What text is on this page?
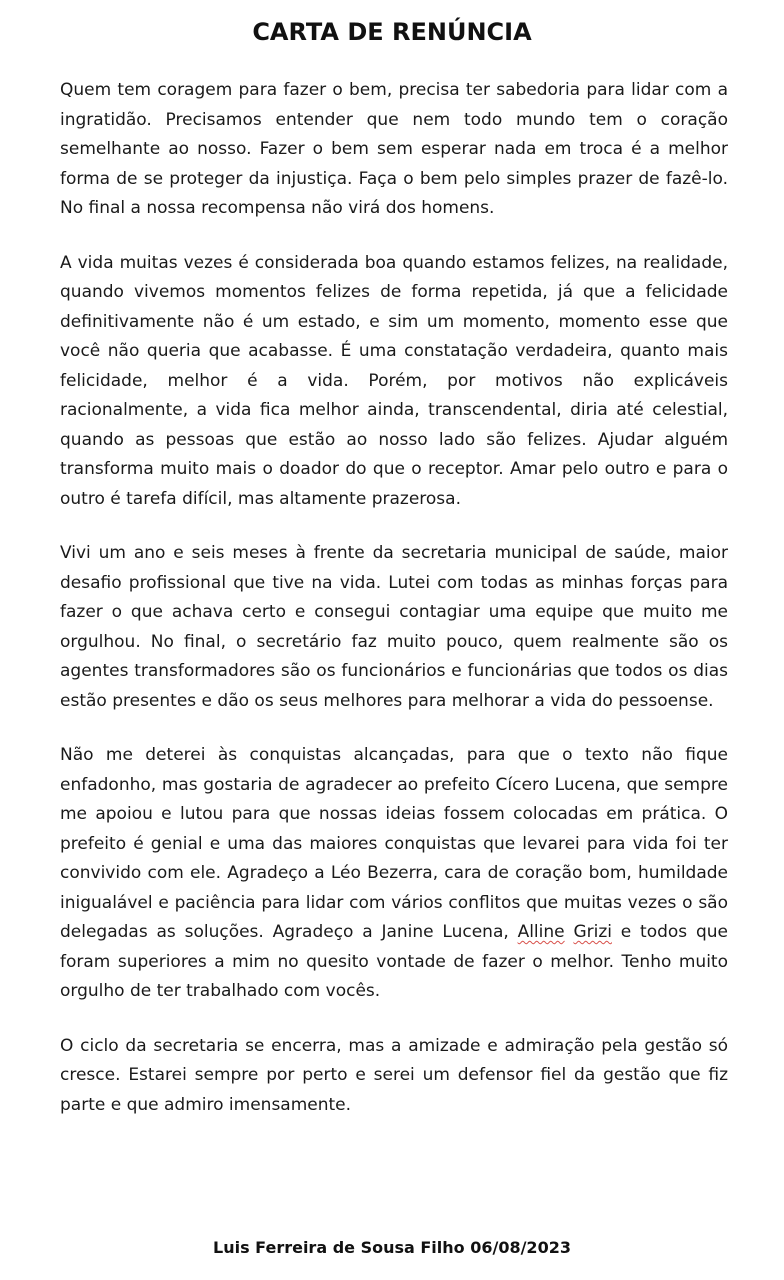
CARTA DE RENÚNCIA

Quem tem coragem para fazer o bem, precisa ter sabedoria para lidar com a ingratidão. Precisamos entender que nem todo mundo tem o coração semelhante ao nosso. Fazer o bem sem esperar nada em troca é a melhor forma de se proteger da injustiça. Faça o bem pelo simples prazer de fazê-lo. No final a nossa recompensa não virá dos homens.

A vida muitas vezes é considerada boa quando estamos felizes, na realidade, quando vivemos momentos felizes de forma repetida, já que a felicidade definitivamente não é um estado, e sim um momento, momento esse que você não queria que acabasse. É uma constatação verdadeira, quanto mais felicidade, melhor é a vida. Porém, por motivos não explicáveis racionalmente, a vida fica melhor ainda, transcendental, diria até celestial, quando as pessoas que estão ao nosso lado são felizes. Ajudar alguém transforma muito mais o doador do que o receptor. Amar pelo outro e para o outro é tarefa difícil, mas altamente prazerosa.

Vivi um ano e seis meses à frente da secretaria municipal de saúde, maior desafio profissional que tive na vida. Lutei com todas as minhas forças para fazer o que achava certo e consegui contagiar uma equipe que muito me orgulhou. No final, o secretário faz muito pouco, quem realmente são os agentes transformadores são os funcionários e funcionárias que todos os dias estão presentes e dão os seus melhores para melhorar a vida do pessoense.

Não me deterei às conquistas alcançadas, para que o texto não fique enfadonho, mas gostaria de agradecer ao prefeito Cícero Lucena, que sempre me apoiou e lutou para que nossas ideias fossem colocadas em prática. O prefeito é genial e uma das maiores conquistas que levarei para vida foi ter convivido com ele. Agradeço a Léo Bezerra, cara de coração bom, humildade inigualável e paciência para lidar com vários conflitos que muitas vezes o são delegadas as soluções. Agradeço a Janine Lucena, Alline Grizi e todos que foram superiores a mim no quesito vontade de fazer o melhor. Tenho muito orgulho de ter trabalhado com vocês.

O ciclo da secretaria se encerra, mas a amizade e admiração pela gestão só cresce. Estarei sempre por perto e serei um defensor fiel da gestão que fiz parte e que admiro imensamente.

Luis Ferreira de Sousa Filho 06/08/2023
